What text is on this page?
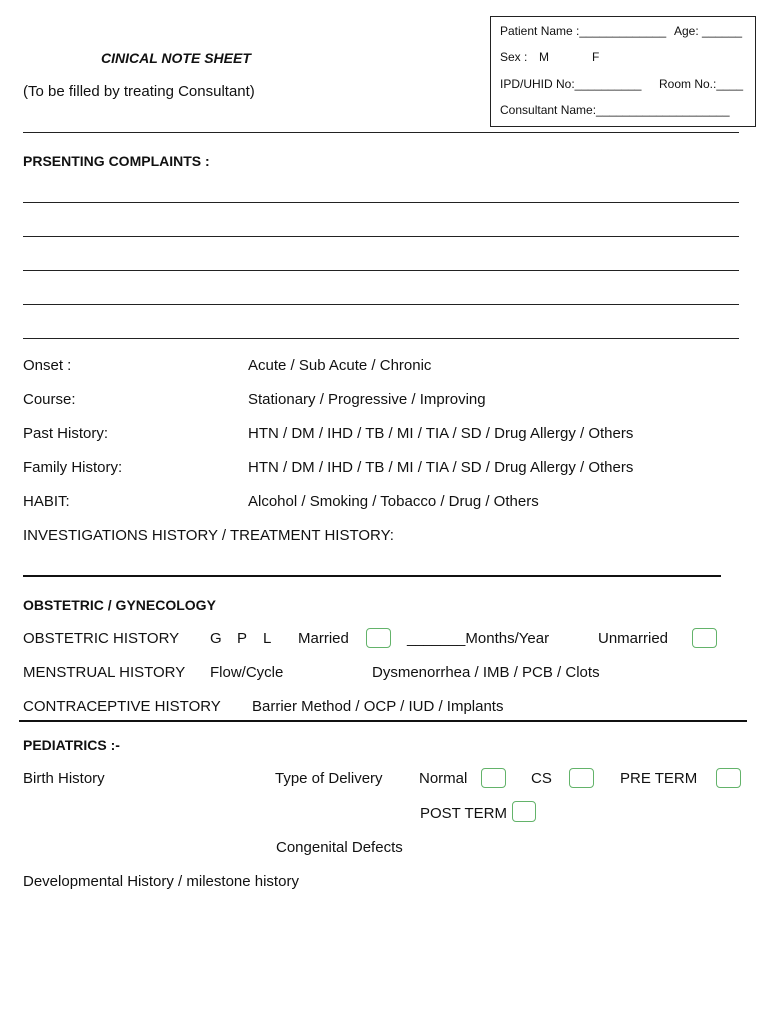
CINICAL NOTE SHEET
(To be filled by treating Consultant)
Patient Name :_____________ Age: ______
Sex : M	F
IPD/UHID No:__________ Room No.:____
Consultant Name:____________________
PRSENTING COMPLAINTS :
Onset :	Acute / Sub Acute / Chronic
Course:	Stationary / Progressive / Improving
Past History:	HTN / DM / IHD / TB / MI / TIA / SD / Drug Allergy / Others
Family History:	HTN / DM / IHD / TB / MI / TIA / SD / Drug Allergy / Others
HABIT:	Alcohol / Smoking / Tobacco / Drug / Others
INVESTIGATIONS HISTORY / TREATMENT HISTORY:
OBSTETRIC / GYNECOLOGY
OBSTETRIC HISTORY G P L Married	_______Months/Year	Unmarried
MENSTRUAL HISTORY Flow/Cycle	Dysmenorrhea / IMB / PCB / Clots
CONTRACEPTIVE HISTORY Barrier Method / OCP / IUD / Implants
PEDIATRICS :-
Birth History	Type of Delivery Normal	CS	PRE TERM
POST TERM
Congenital Defects
Developmental History / milestone history
